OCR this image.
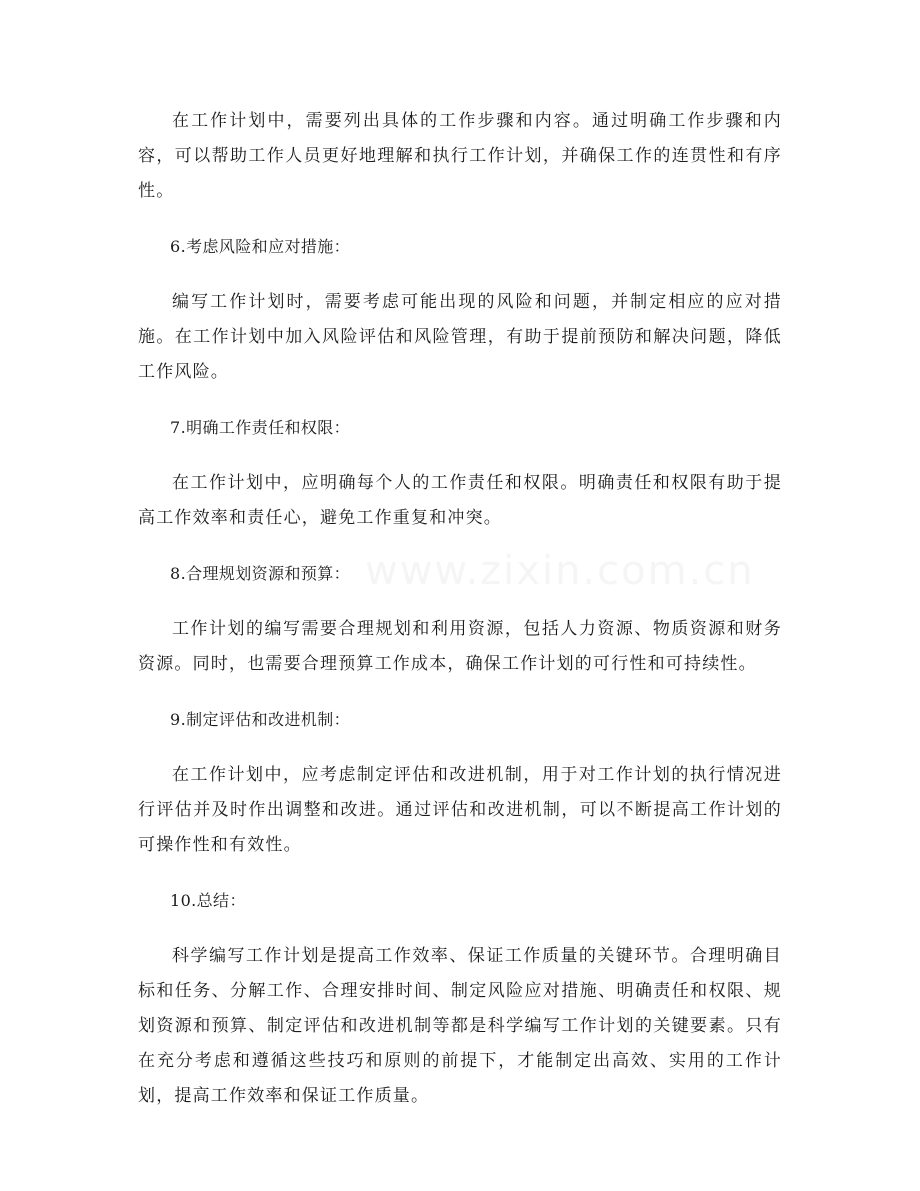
在工作计划中，需要列出具体的工作步骤和内容。通过明确工作步骤和内容，可以帮助工作人员更好地理解和执行工作计划，并确保工作的连贯性和有序性。

6.考虑风险和应对措施：

编写工作计划时，需要考虑可能出现的风险和问题，并制定相应的应对措施。在工作计划中加入风险评估和风险管理，有助于提前预防和解决问题，降低工作风险。

7.明确工作责任和权限：

在工作计划中，应明确每个人的工作责任和权限。明确责任和权限有助于提高工作效率和责任心，避免工作重复和冲突。

8.合理规划资源和预算：

工作计划的编写需要合理规划和利用资源，包括人力资源、物质资源和财务资源。同时，也需要合理预算工作成本，确保工作计划的可行性和可持续性。

9.制定评估和改进机制：

在工作计划中，应考虑制定评估和改进机制，用于对工作计划的执行情况进行评估并及时作出调整和改进。通过评估和改进机制，可以不断提高工作计划的可操作性和有效性。

10.总结：

科学编写工作计划是提高工作效率、保证工作质量的关键环节。合理明确目标和任务、分解工作、合理安排时间、制定风险应对措施、明确责任和权限、规划资源和预算、制定评估和改进机制等都是科学编写工作计划的关键要素。只有在充分考虑和遵循这些技巧和原则的前提下，才能制定出高效、实用的工作计划，提高工作效率和保证工作质量。

www.zixin.com.cn
